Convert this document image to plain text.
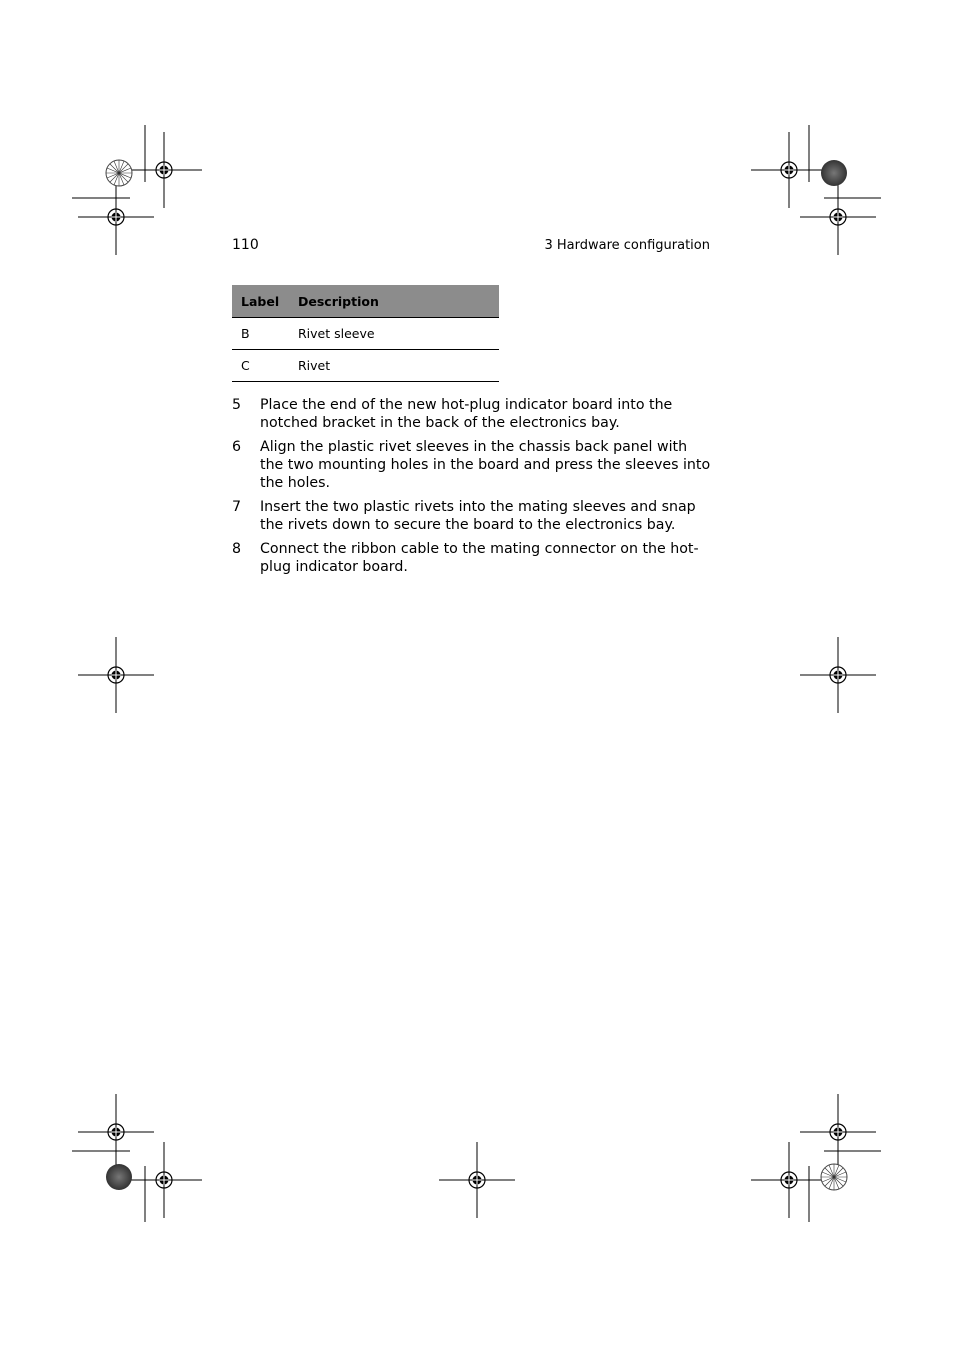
110	3 Hardware configuration
Label	Description
B	Rivet sleeve
C	Rivet
5	Place the end of the new hot-plug indicator board into the notched bracket in the back of the electronics bay.
6	Align the plastic rivet sleeves in the chassis back panel with the two mounting holes in the board and press the sleeves into the holes.
7	Insert the two plastic rivets into the mating sleeves and snap the rivets down to secure the board to the electronics bay.
8	Connect the ribbon cable to the mating connector on the hot-plug indicator board.
